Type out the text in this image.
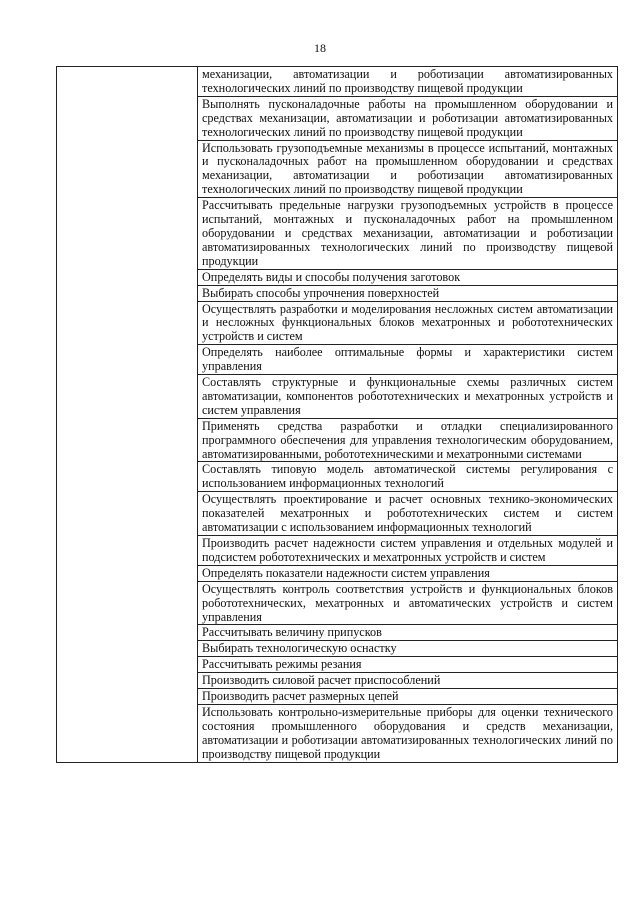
18
механизации, автоматизации и роботизации автоматизированных технологических линий по производству пищевой продукции
Выполнять пусконаладочные работы на промышленном оборудовании и средствах механизации, автоматизации и роботизации автоматизированных технологических линий по производству пищевой продукции
Использовать грузоподъемные механизмы в процессе испытаний, монтажных и пусконаладочных работ на промышленном оборудовании и средствах механизации, автоматизации и роботизации автоматизированных технологических линий по производству пищевой продукции
Рассчитывать предельные нагрузки грузоподъемных устройств в процессе испытаний, монтажных и пусконаладочных работ на промышленном оборудовании и средствах механизации, автоматизации и роботизации автоматизированных технологических линий по производству пищевой продукции
Определять виды и способы получения заготовок
Выбирать способы упрочнения поверхностей
Осуществлять разработки и моделирования несложных систем автоматизации и несложных функциональных блоков мехатронных и робототехнических устройств и систем
Определять наиболее оптимальные формы и характеристики систем управления
Составлять структурные и функциональные схемы различных систем автоматизации, компонентов робототехнических и мехатронных устройств и систем управления
Применять средства разработки и отладки специализированного программного обеспечения для управления технологическим оборудованием, автоматизированными, робототехническими и мехатронными системами
Составлять типовую модель автоматической системы регулирования с использованием информационных технологий
Осуществлять проектирование и расчет основных технико-экономических показателей мехатронных и робототехнических систем и систем автоматизации с использованием информационных технологий
Производить расчет надежности систем управления и отдельных модулей и подсистем робототехнических и мехатронных устройств и систем
Определять показатели надежности систем управления
Осуществлять контроль соответствия устройств и функциональных блоков робототехнических, мехатронных и автоматических устройств и систем управления
Рассчитывать величину припусков
Выбирать технологическую оснастку
Рассчитывать режимы резания
Производить силовой расчет приспособлений
Производить расчет размерных цепей
Использовать контрольно-измерительные приборы для оценки технического состояния промышленного оборудования и средств механизации, автоматизации и роботизации автоматизированных технологических линий по производству пищевой продукции
